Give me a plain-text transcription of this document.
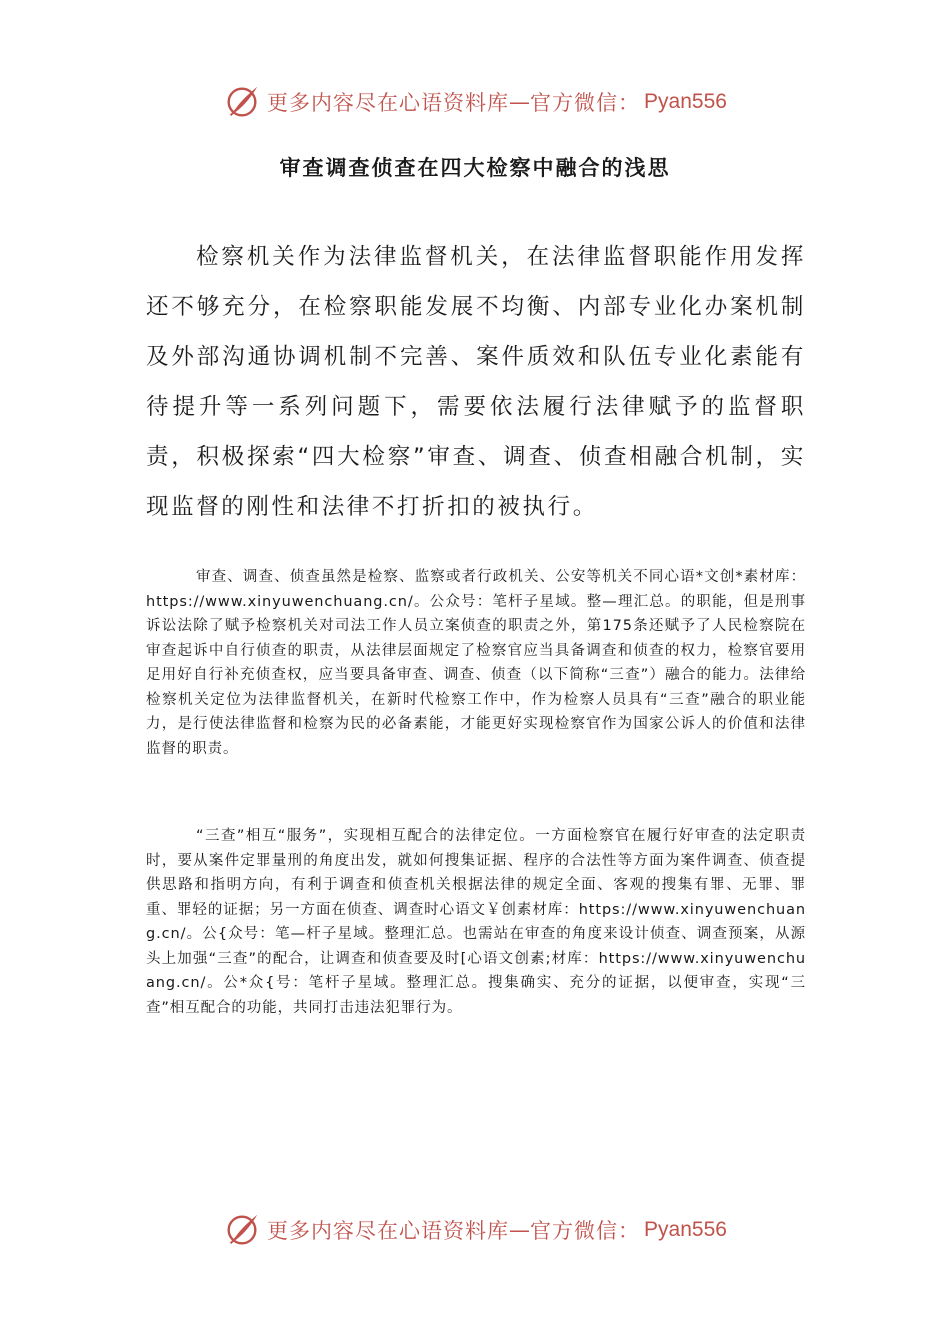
更多内容尽在心语资料库 — 官方微信： Pyan556
审查调查侦查在四大检察中融合的浅思

检察机关作为法律监督机关，在法律监督职能作用发挥还不够充分，在检察职能发展不均衡、内部专业化办案机制及外部沟通协调机制不完善、案件质效和队伍专业化素能有待提升等一系列问题下，需要依法履行法律赋予的监督职责，积极探索“四大检察”审查、调查、侦查相融合机制，实现监督的刚性和法律不打折扣的被执行。

审查、调查、侦查虽然是检察、监察或者行政机关、公安等机关不同心语*文创*素材库：https://www.xinyuwenchuang.cn/。公众号：笔杆子星域。整—理汇总。的职能，但是刑事诉讼法除了赋予检察机关对司法工作人员立案侦查的职责之外，第175条还赋予了人民检察院在审查起诉中自行侦查的职责，从法律层面规定了检察官应当具备调查和侦查的权力，检察官要用足用好自行补充侦查权，应当要具备审查、调查、侦查（以下简称“三查”）融合的能力。法律给检察机关定位为法律监督机关，在新时代检察工作中，作为检察人员具有“三查”融合的职业能力，是行使法律监督和检察为民的必备素能，才能更好实现检察官作为国家公诉人的价值和法律监督的职责。

“三查”相互“服务”，实现相互配合的法律定位。一方面检察官在履行好审查的法定职责时，要从案件定罪量刑的角度出发，就如何搜集证据、程序的合法性等方面为案件调查、侦查提供思路和指明方向，有利于调查和侦查机关根据法律的规定全面、客观的搜集有罪、无罪、罪重、罪轻的证据；另一方面在侦查、调查时心语文￥创素材库：https://www.xinyuwenchuang.cn/。公{众号：笔—杆子星域。整理汇总。也需站在审查的角度来设计侦查、调查预案，从源头上加强“三查”的配合，让调查和侦查要及时[心语文创素;材库：https://www.xinyuwenchuang.cn/。公*众{号：笔杆子星域。整理汇总。搜集确实、充分的证据，以便审查，实现“三查”相互配合的功能，共同打击违法犯罪行为。

更多内容尽在心语资料库 — 官方微信： Pyan556
